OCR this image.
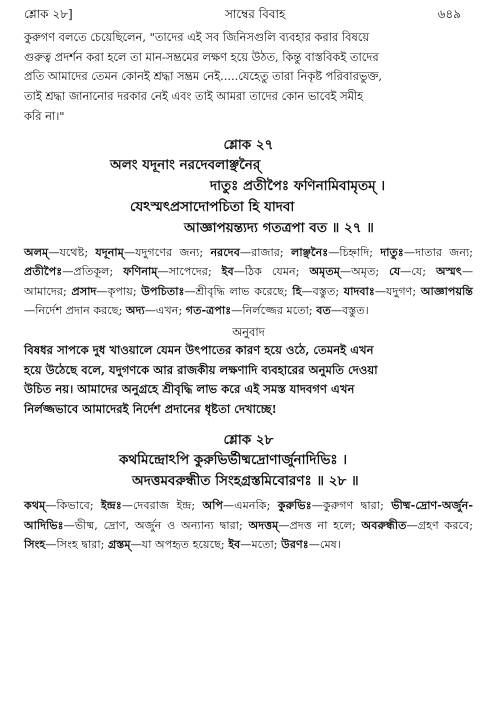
শ্লোক ২৮]	সাম্বের বিবাহ	৬৪৯
কুরুগণ বলতে চেয়েছিলেন, "তাদের এই সব জিনিসগুলি ব্যবহার করার বিষয়ে
গুরুত্ব প্রদর্শন করা হলে তা মান-সম্ভ্রমের লক্ষণ হয়ে উঠত, কিন্তু বাস্তবিকই তাদের
প্রতি আমাদের তেমন কোনই শ্রদ্ধা সম্ভ্রম নেই.....যেহেতু তারা নিকৃষ্ট পরিবারভুক্ত,
তাই শ্রদ্ধা জানানোর দরকার নেই এবং তাই আমরা তাদের কোন ভাবেই সমীহ
করি না।"
শ্লোক ২৭
অলং যদূনাং নরদেবলাঞ্ছনৈর্
দাতুঃ প্রতীপৈঃ ফণিনামিবামৃতম্ ।
যেঽস্মৎপ্রসাদোপচিতা হি যাদবা
আজ্ঞাপয়ন্ত্যদ্য গতত্রপা বত ॥ ২৭ ॥
অলম্—যথেষ্ট; যদূনাম্—যদুগণের জন্য; নরদেব—রাজার; লাঞ্ছনৈঃ—চিহ্নাদি; দাতুঃ—দাতার জন্য; প্রতীপৈঃ—প্রতিকূল; ফণিনাম্—সাপেদের; ইব—ঠিক যেমন; অমৃতম্—অমৃত; যে—যে; অস্মৎ—আমাদের; প্রসাদ—কৃপায়; উপচিতাঃ—শ্রীবৃদ্ধি লাভ করেছে; হি—বস্তুত; যাদবাঃ—যদুগণ; আজ্ঞাপয়ন্তি—নির্দেশ প্রদান করছে; অদ্য—এখন; গত-ত্রপাঃ—নির্লজ্জের মতো; বত—বস্তুত।
অনুবাদ
বিষধর সাপকে দুধ খাওয়ালে যেমন উৎপাতের কারণ হয়ে ওঠে, তেমনই এখন
হয়ে উঠেছে বলে, যদুগণকে আর রাজকীয় লক্ষণাদি ব্যবহারের অনুমতি দেওয়া
উচিত নয়। আমাদের অনুগ্রহে শ্রীবৃদ্ধি লাভ করে এই সমস্ত যাদবগণ এখন
নির্লজ্জভাবে আমাদেরই নির্দেশ প্রদানের ধৃষ্টতা দেখাচ্ছে!
শ্লোক ২৮
কথমিন্দ্রোঽপি কুরুভির্ভীষ্মদ্রোণার্জুনাদিভিঃ ।
অদত্তমবরুন্ধীত সিংহগ্রস্তমিবোরণঃ ॥ ২৮ ॥
কথম্—কিভাবে; ইন্দ্রঃ—দেবরাজ ইন্দ্র; অপি—এমনকি; কুরুভিঃ—কুরুগণ দ্বারা; ভীষ্ম-দ্রোণ-অর্জুন-আদিভিঃ—ভীষ্ম, দ্রোণ, অর্জুন ও অন্যান্য দ্বারা; অদত্তম্—প্রদত্ত না হলে; অবরুন্ধীত—গ্রহণ করবে; সিংহ—সিংহ দ্বারা; গ্রস্তম্—যা অপহৃত হয়েছে; ইব—মতো; উরণঃ—মেষ।
